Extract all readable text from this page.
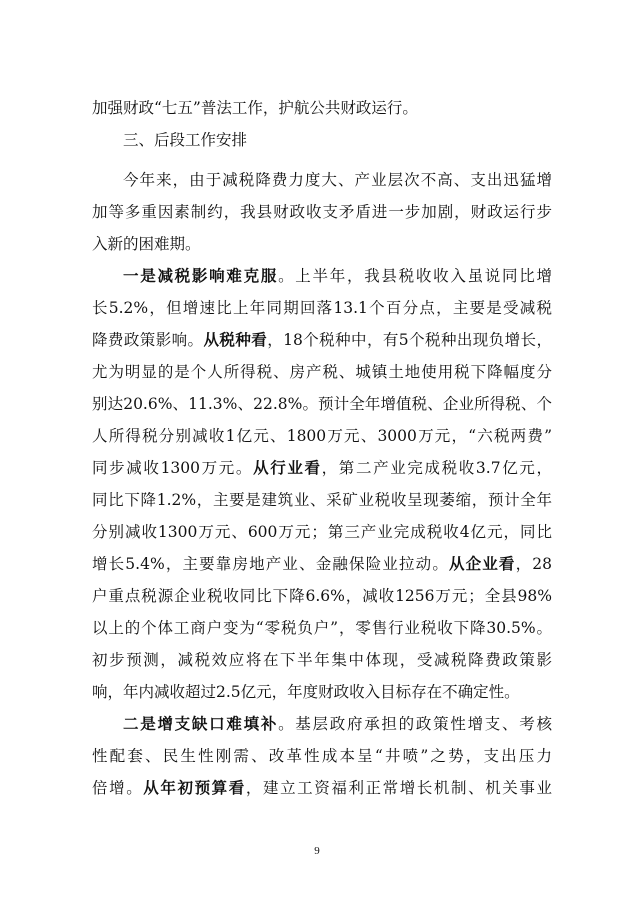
加强财政“七五”普法工作，护航公共财政运行。
三、后段工作安排
今年来，由于减税降费力度大、产业层次不高、支出迅猛增
加等多重因素制约，我县财政收支矛盾进一步加剧，财政运行步
入新的困难期。
一是减税影响难克服。上半年，我县税收收入虽说同比增
长5.2%，但增速比上年同期回落13.1个百分点，主要是受减税
降费政策影响。从税种看，18个税种中，有5个税种出现负增长，
尤为明显的是个人所得税、房产税、城镇土地使用税下降幅度分
别达20.6%、11.3%、22.8%。预计全年增值税、企业所得税、个
人所得税分别减收1亿元、1800万元、3000万元，“六税两费”
同步减收1300万元。从行业看，第二产业完成税收3.7亿元，
同比下降1.2%，主要是建筑业、采矿业税收呈现萎缩，预计全年
分别减收1300万元、600万元；第三产业完成税收4亿元，同比
增长5.4%，主要靠房地产业、金融保险业拉动。从企业看，28
户重点税源企业税收同比下降6.6%，减收1256万元；全县98%
以上的个体工商户变为“零税负户”，零售行业税收下降30.5%。
初步预测，减税效应将在下半年集中体现，受减税降费政策影
响，年内减收超过2.5亿元，年度财政收入目标存在不确定性。
二是增支缺口难填补。基层政府承担的政策性增支、考核
性配套、民生性刚需、改革性成本呈“井喷”之势，支出压力
倍增。从年初预算看，建立工资福利正常增长机制、机关事业
9
